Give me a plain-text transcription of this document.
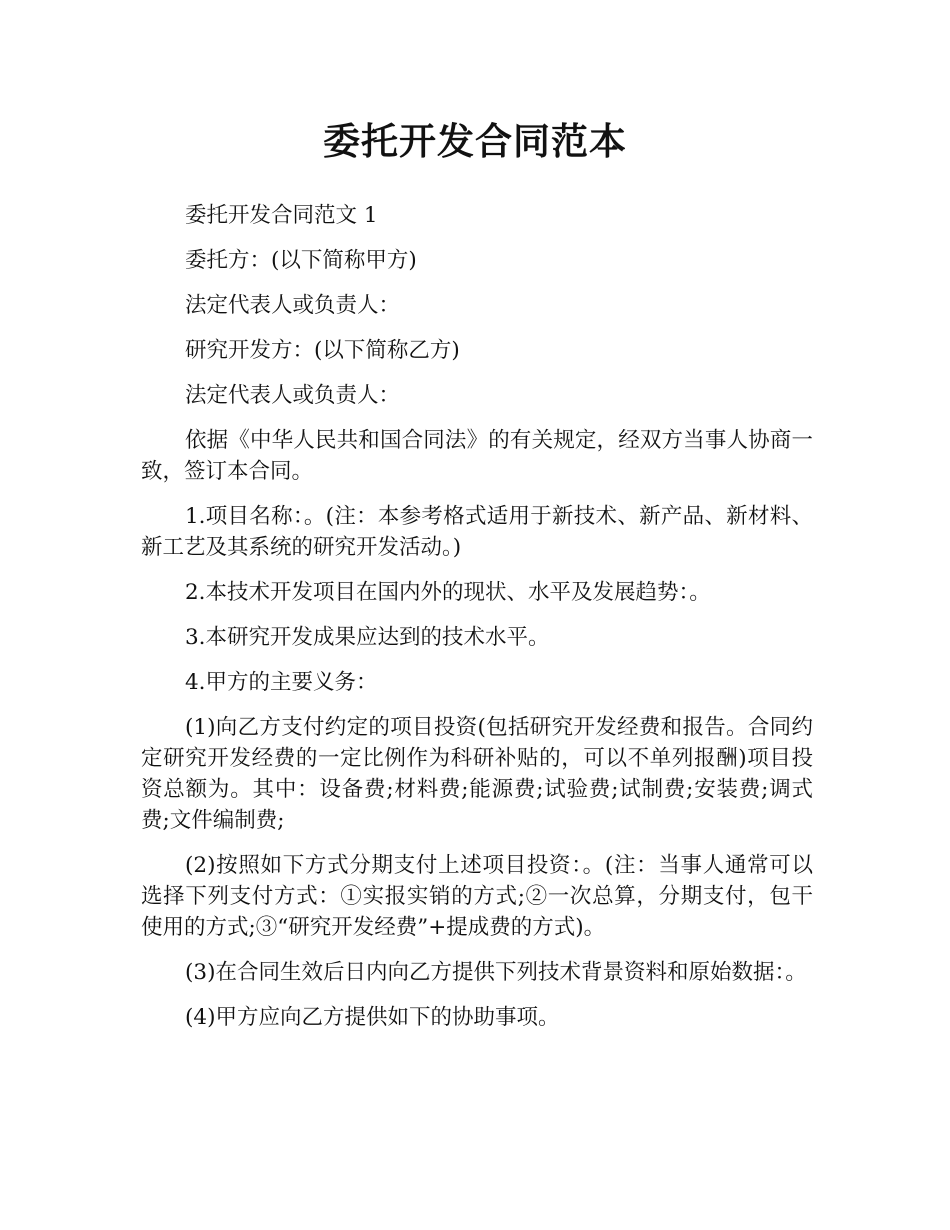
委托开发合同范本

委托开发合同范文 1

委托方：(以下简称甲方)

法定代表人或负责人：

研究开发方：(以下简称乙方)

法定代表人或负责人：

依据《中华人民共和国合同法》的有关规定，经双方当事人协商一致，签订本合同。

1.项目名称：。(注：本参考格式适用于新技术、新产品、新材料、新工艺及其系统的研究开发活动。)

2.本技术开发项目在国内外的现状、水平及发展趋势：。

3.本研究开发成果应达到的技术水平。

4.甲方的主要义务：

(1)向乙方支付约定的项目投资(包括研究开发经费和报告。合同约定研究开发经费的一定比例作为科研补贴的，可以不单列报酬)项目投资总额为。其中：设备费;材料费;能源费;试验费;试制费;安装费;调式费;文件编制费;

(2)按照如下方式分期支付上述项目投资：。(注：当事人通常可以选择下列支付方式：①实报实销的方式;②一次总算，分期支付，包干使用的方式;③“研究开发经费”+提成费的方式)。

(3)在合同生效后日内向乙方提供下列技术背景资料和原始数据：。

(4)甲方应向乙方提供如下的协助事项。
